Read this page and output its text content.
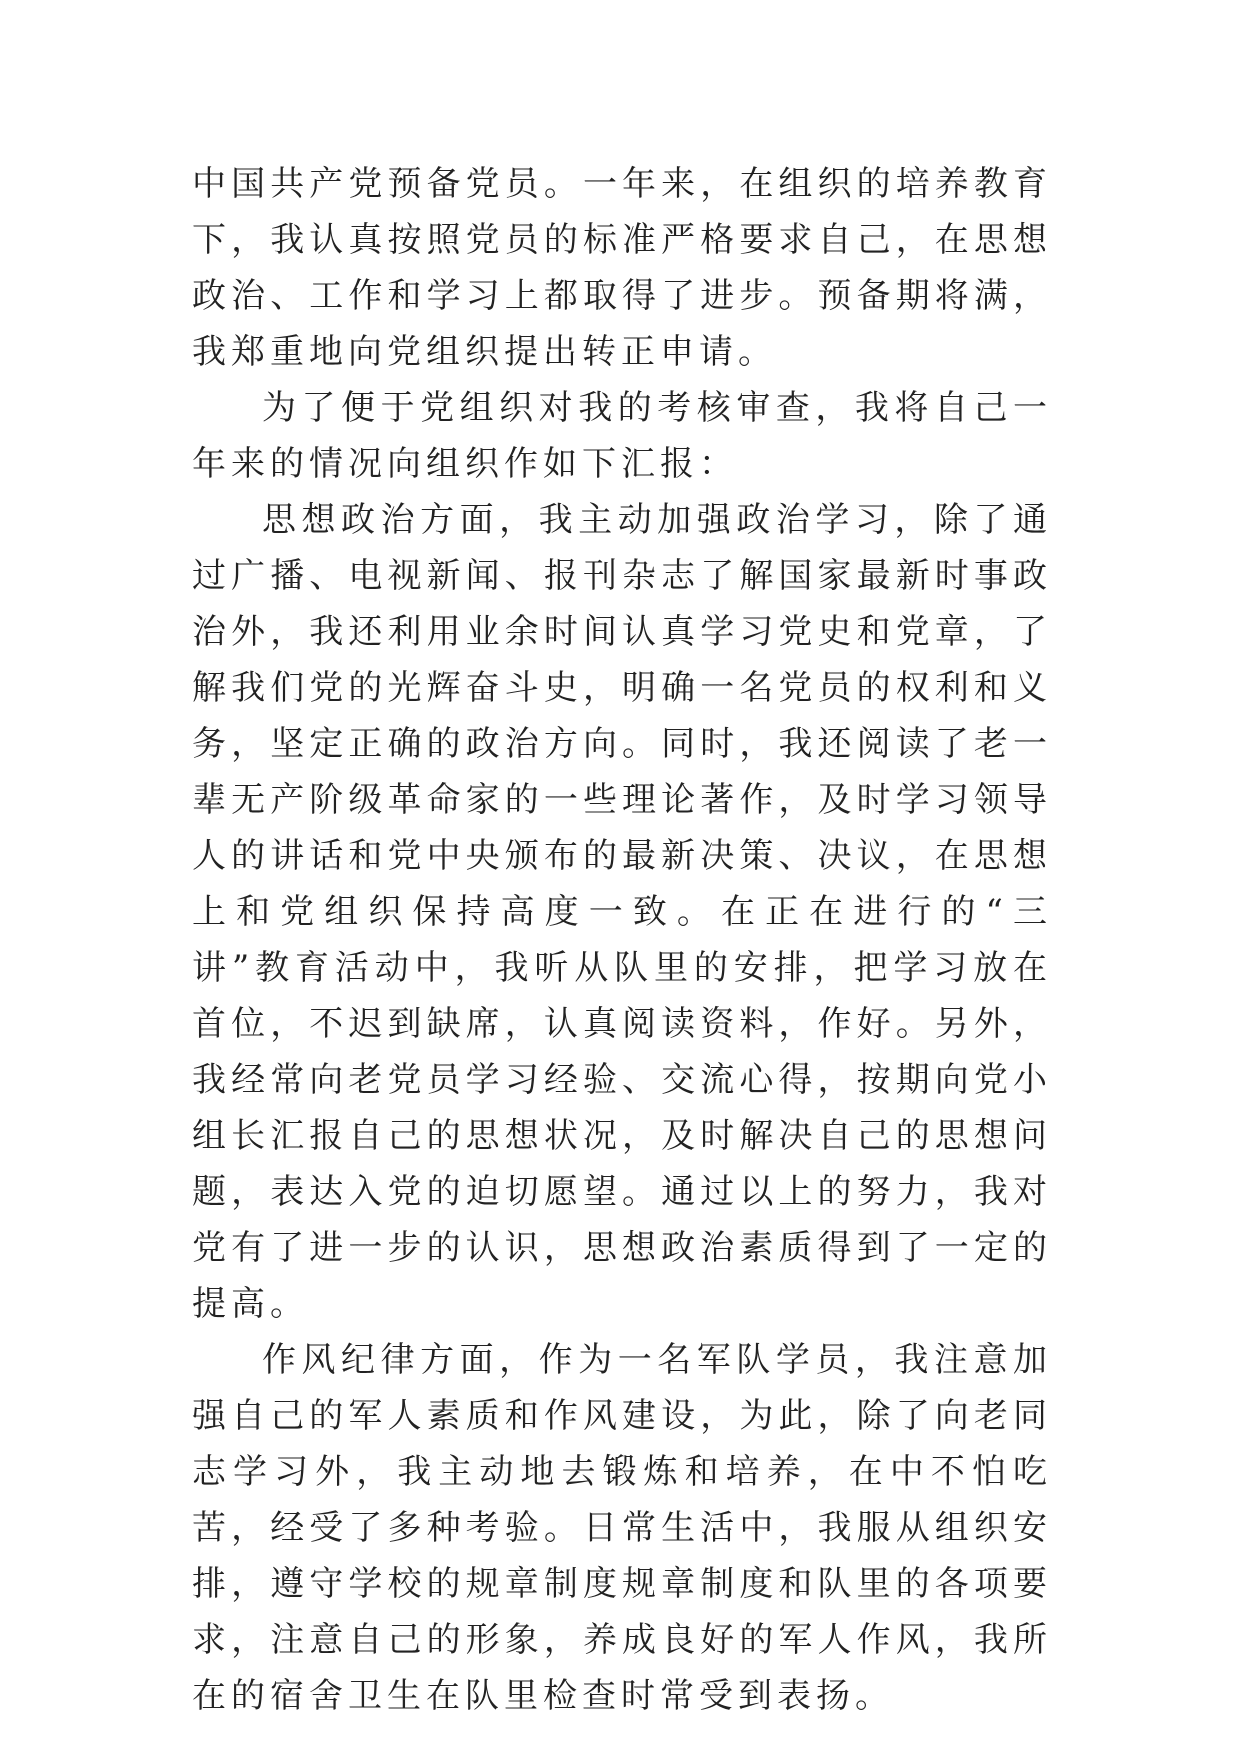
中国共产党预备党员。一年来，在组织的培养教育下，我认真按照党员的标准严格要求自己，在思想政治、工作和学习上都取得了进步。预备期将满，我郑重地向党组织提出转正申请。

为了便于党组织对我的考核审查，我将自己一年来的情况向组织作如下汇报：

思想政治方面，我主动加强政治学习，除了通过广播、电视新闻、报刊杂志了解国家最新时事政治外，我还利用业余时间认真学习党史和党章，了解我们党的光辉奋斗史，明确一名党员的权利和义务，坚定正确的政治方向。同时，我还阅读了老一辈无产阶级革命家的一些理论著作，及时学习领导人的讲话和党中央颁布的最新决策、决议，在思想上和党组织保持高度一致。在正在进行的“三讲”教育活动中，我听从队里的安排，把学习放在首位，不迟到缺席，认真阅读资料，作好。另外，我经常向老党员学习经验、交流心得，按期向党小组长汇报自己的思想状况，及时解决自己的思想问题，表达入党的迫切愿望。通过以上的努力，我对党有了进一步的认识，思想政治素质得到了一定的提高。

作风纪律方面，作为一名军队学员，我注意加强自己的军人素质和作风建设，为此，除了向老同志学习外，我主动地去锻炼和培养，在中不怕吃苦，经受了多种考验。日常生活中，我服从组织安排，遵守学校的规章制度规章制度和队里的各项要求，注意自己的形象，养成良好的军人作风，我所在的宿舍卫生在队里检查时常受到表扬。
